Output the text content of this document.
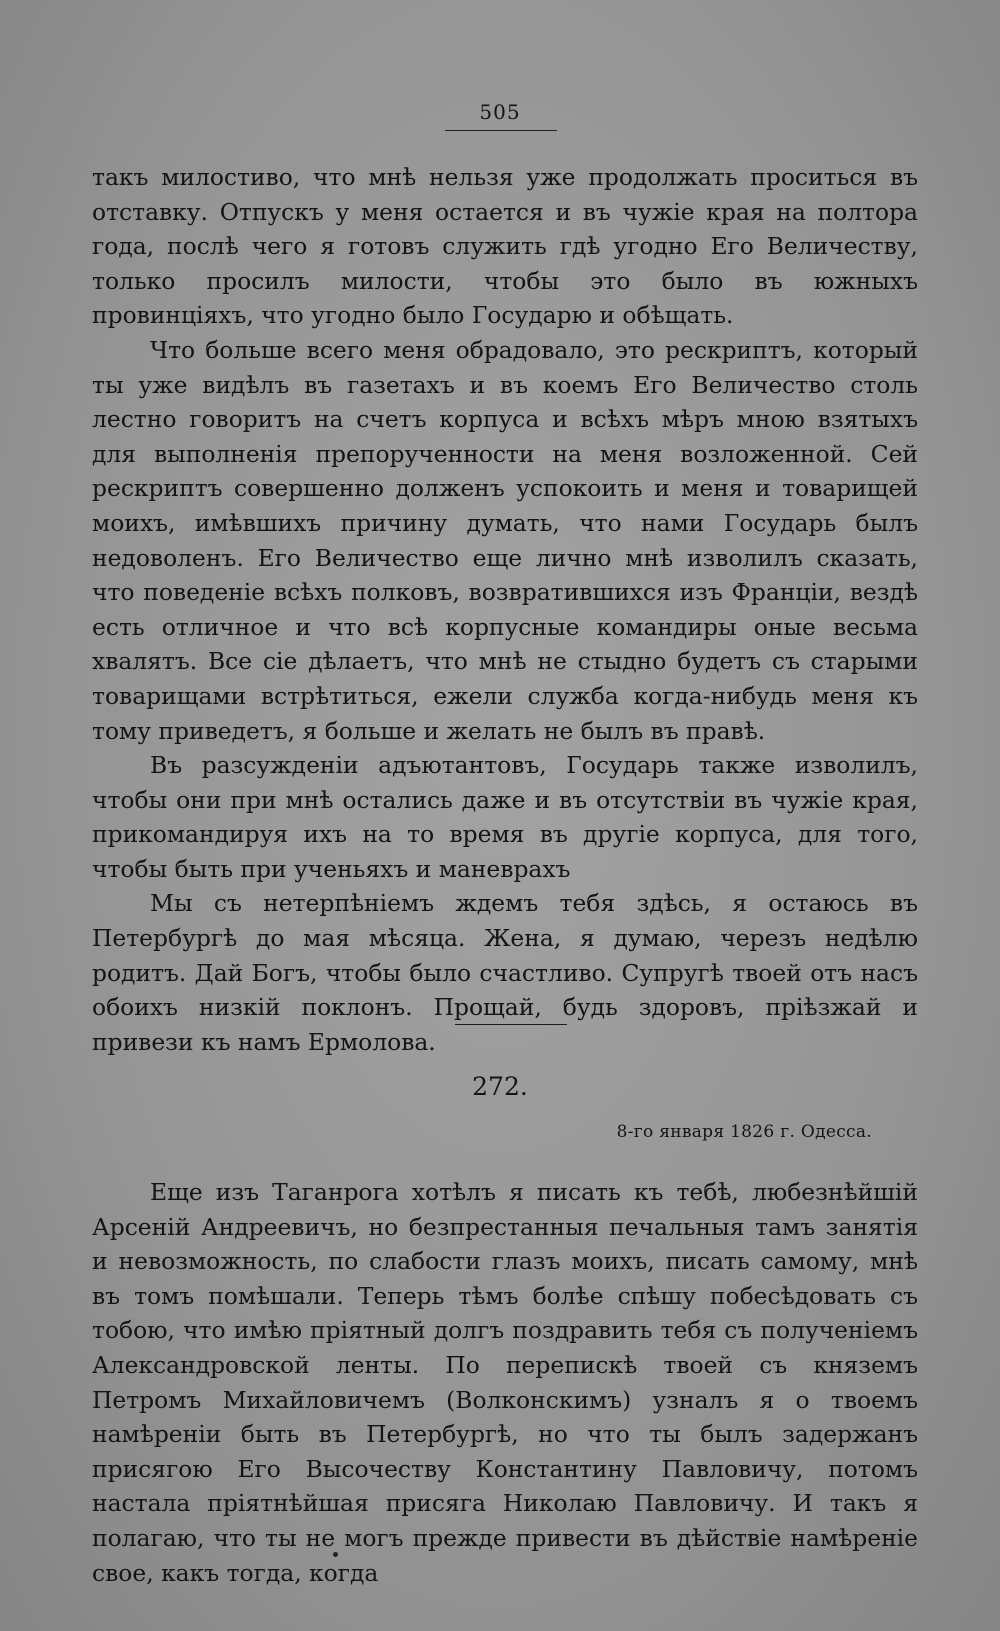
505

такъ милостиво, что мнѣ нельзя уже продолжать проситься въ отставку. Отпускъ у меня остается и въ чужіе края на полтора года, послѣ чего я готовъ служить гдѣ угодно Его Величеству, только просилъ милости, чтобы это было въ южныхъ провинціяхъ, что угодно было Государю и обѣщать.

Что больше всего меня обрадовало, это рескриптъ, который ты уже видѣлъ въ газетахъ и въ коемъ Его Величество столь лестно говоритъ на счетъ корпуса и всѣхъ мѣръ мною взятыхъ для выполненія препорученности на меня возложенной. Сей рескриптъ совершенно долженъ успокоить и меня и товарищей моихъ, имѣвшихъ причину думать, что нами Государь былъ недоволенъ. Его Величество еще лично мнѣ изволилъ сказать, что поведеніе всѣхъ полковъ, возвратившихся изъ Франціи, вездѣ есть отличное и что всѣ корпусные командиры оные весьма хвалятъ. Все сіе дѣлаетъ, что мнѣ не стыдно будетъ съ старыми товарищами встрѣтиться, ежели служба когда-нибудь меня къ тому приведетъ, я больше и желать не былъ въ правѣ.

Въ разсужденіи адъютантовъ, Государь также изволилъ, чтобы они при мнѣ остались даже и въ отсутствіи въ чужіе края, прикомандируя ихъ на то время въ другіе корпуса, для того, чтобы быть при ученьяхъ и маневрахъ

Мы съ нетерпѣніемъ ждемъ тебя здѣсь, я остаюсь въ Петербургѣ до мая мѣсяца. Жена, я думаю, черезъ недѣлю родитъ. Дай Богъ, чтобы было счастливо. Супругѣ твоей отъ насъ обоихъ низкій поклонъ. Прощай, будь здоровъ, пріѣзжай и привези къ намъ Ермолова.

272.
8-го января 1826 г. Одесса.

Еще изъ Таганрога хотѣлъ я писать къ тебѣ, любезнѣйшій Арсеній Андреевичъ, но безпрестанныя печальныя тамъ занятія и невозможность, по слабости глазъ моихъ, писать самому, мнѣ въ томъ помѣшали. Теперь тѣмъ болѣе спѣшу побесѣдовать съ тобою, что имѣю пріятный долгъ поздравить тебя съ полученіемъ Александровской ленты. По перепискѣ твоей съ княземъ Петромъ Михайловичемъ (Волконскимъ) узналъ я о твоемъ намѣреніи быть въ Петербургѣ, но что ты былъ задержанъ присягою Его Высочеству Константину Павловичу, потомъ настала пріятнѣйшая присяга Николаю Павловичу. И такъ я полагаю, что ты не могъ прежде привести въ дѣйствіе намѣреніе свое, какъ тогда, когда
